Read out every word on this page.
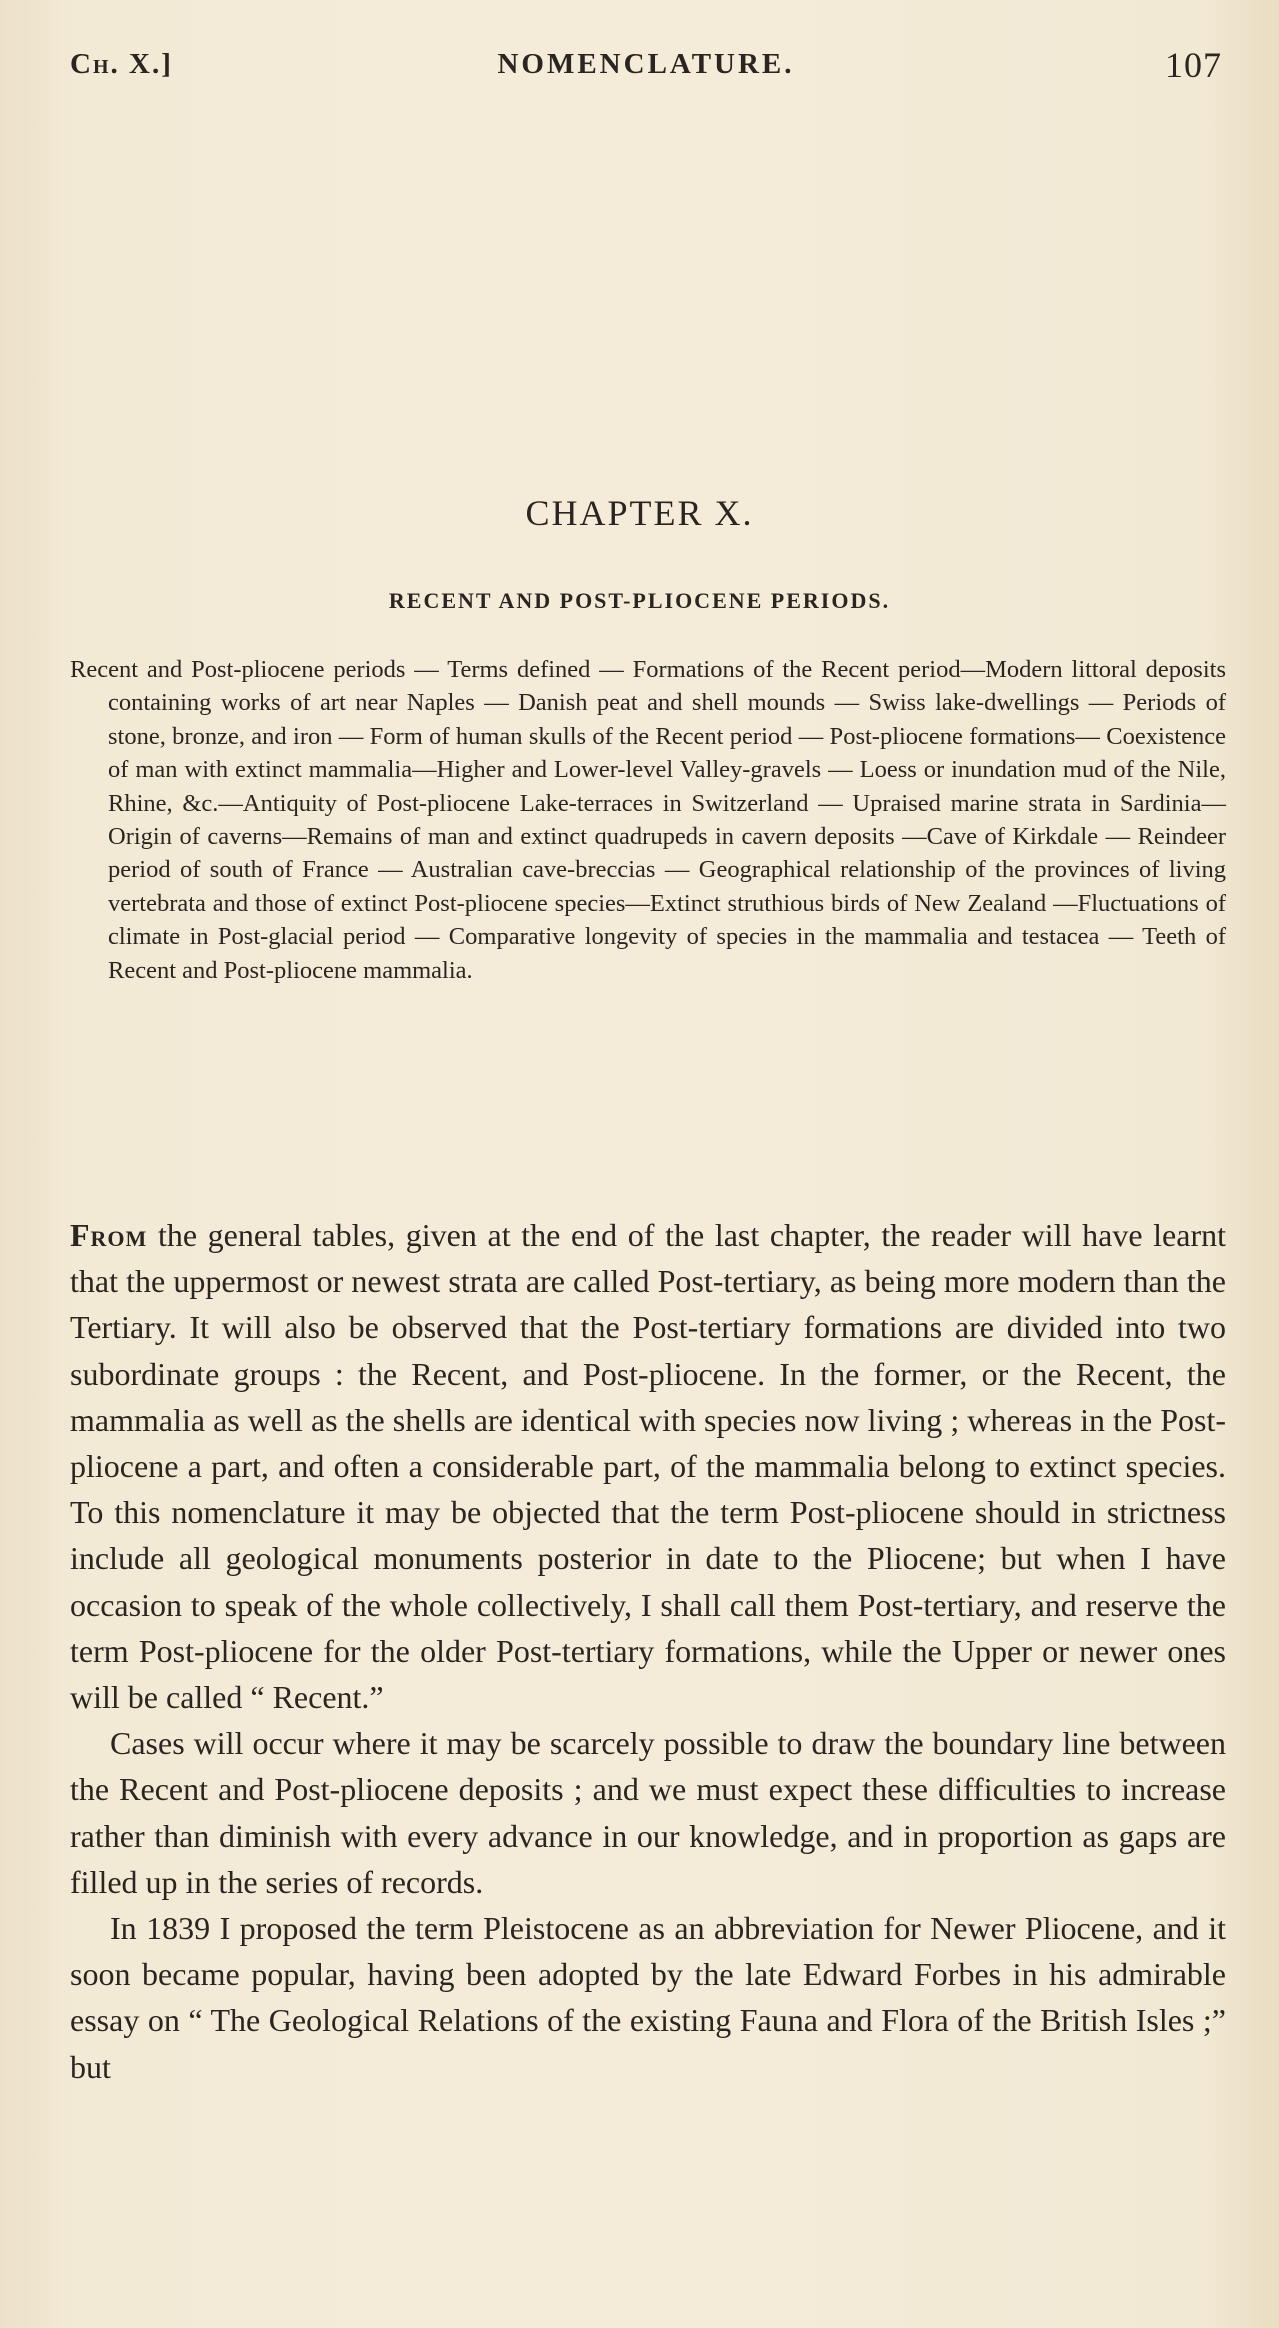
Ch. X.]	NOMENCLATURE.	107
CHAPTER X.
RECENT AND POST-PLIOCENE PERIODS.
Recent and Post-pliocene periods — Terms defined — Formations of the Recent period—Modern littoral deposits containing works of art near Naples — Danish peat and shell mounds — Swiss lake-dwellings — Periods of stone, bronze, and iron — Form of human skulls of the Recent period — Post-pliocene formations— Coexistence of man with extinct mammalia—Higher and Lower-level Valley-gravels — Loess or inundation mud of the Nile, Rhine, &c.—Antiquity of Post-pliocene Lake-terraces in Switzerland — Upraised marine strata in Sardinia— Origin of caverns—Remains of man and extinct quadrupeds in cavern deposits —Cave of Kirkdale — Reindeer period of south of France — Australian cave-breccias — Geographical relationship of the provinces of living vertebrata and those of extinct Post-pliocene species—Extinct struthious birds of New Zealand —Fluctuations of climate in Post-glacial period — Comparative longevity of species in the mammalia and testacea — Teeth of Recent and Post-pliocene mammalia.

From the general tables, given at the end of the last chapter, the reader will have learnt that the uppermost or newest strata are called Post-tertiary, as being more modern than the Tertiary. It will also be observed that the Post-tertiary formations are divided into two subordinate groups : the Recent, and Post-pliocene. In the former, or the Recent, the mammalia as well as the shells are identical with species now living ; whereas in the Post-pliocene a part, and often a considerable part, of the mammalia belong to extinct species. To this nomenclature it may be objected that the term Post-pliocene should in strictness include all geological monuments posterior in date to the Pliocene; but when I have occasion to speak of the whole collectively, I shall call them Post-tertiary, and reserve the term Post-pliocene for the older Post-tertiary formations, while the Upper or newer ones will be called “ Recent.”

Cases will occur where it may be scarcely possible to draw the boundary line between the Recent and Post-pliocene deposits ; and we must expect these difficulties to increase rather than diminish with every advance in our knowledge, and in proportion as gaps are filled up in the series of records.

In 1839 I proposed the term Pleistocene as an abbreviation for Newer Pliocene, and it soon became popular, having been adopted by the late Edward Forbes in his admirable essay on “ The Geological Relations of the existing Fauna and Flora of the British Isles ;” but
